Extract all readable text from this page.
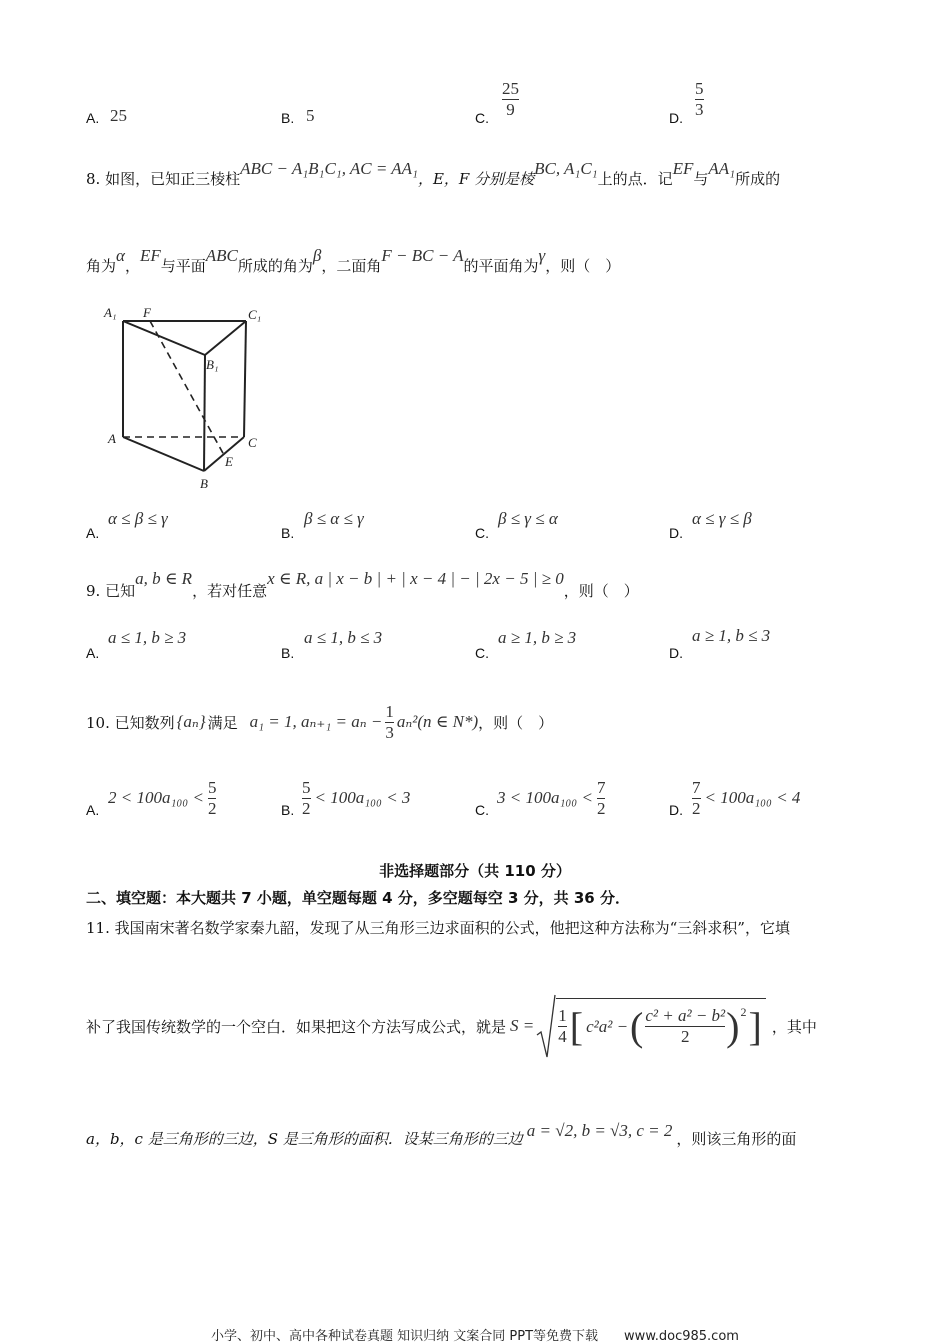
A. 25	B. 5	C.
25
9	D.
5
3
8. 如图，已知正三棱柱ABC − A₁B₁C₁, AC = AA₁，E，F 分别是棱BC, A₁C₁上的点．记EF与AA₁所成的
角为α，EF与平面ABC所成的角为β，二面角F − BC − A的平面角为γ，则（　）
A₁ F	C₁
B₁
A	C
E
B
A.
α ≤ β ≤ γ
B.
β ≤ α ≤ γ
C.
β ≤ γ ≤ α
D.
α ≤ γ ≤ β
9. 已知a, b ∈ R，若对任意x ∈ R, a | x − b | + | x − 4 | − | 2x − 5 | ≥ 0，则（　）
A.
a ≤ 1, b ≥ 3
B.
a ≤ 1, b ≤ 3
C.
a ≥ 1, b ≥ 3
D.
a ≥ 1, b ≤ 3
10. 已知数列 {aₙ} 满足 a₁ = 1, $a_{n+1} = a_n - \frac{1}{3} a_n^2(n$ ∈ N*) ，则（　）
A.
$2 < 100a_{100} < \frac{5}{2}$	B. $\frac{5}{2} < 100a_{100} < 3$
C.
$3 < 100a_{100} < \frac{7}{2}$	D. $\frac{7}{2} < 100a_{100} < 4$
非选择题部分（共 110 分）
二、填空题：本大题共 7 小题，单空题每题 4 分，多空题每空 3 分，共 36 分．
11. 我国南宋著名数学家秦九韶，发现了从三角形三边求面积的公式，他把这种方法称为“三斜求积”，它填
补了我国传统数学的一个空白．如果把这个方法写成公式，就是 $S = \frac{1}{4}$ [ c²a² − ( $\frac{\text{c² + a² − b²}}{2}$ ) 2 ] ，其中
a，b，c 是三角形的三边，S 是三角形的面积．设某三角形的三边 a = √2, b = √3, c = 2 ，则该三角形的面
小学、初中、高中各种试卷真题 知识归纳 文案合同 PPT等免费下载　　www.doc985.com
